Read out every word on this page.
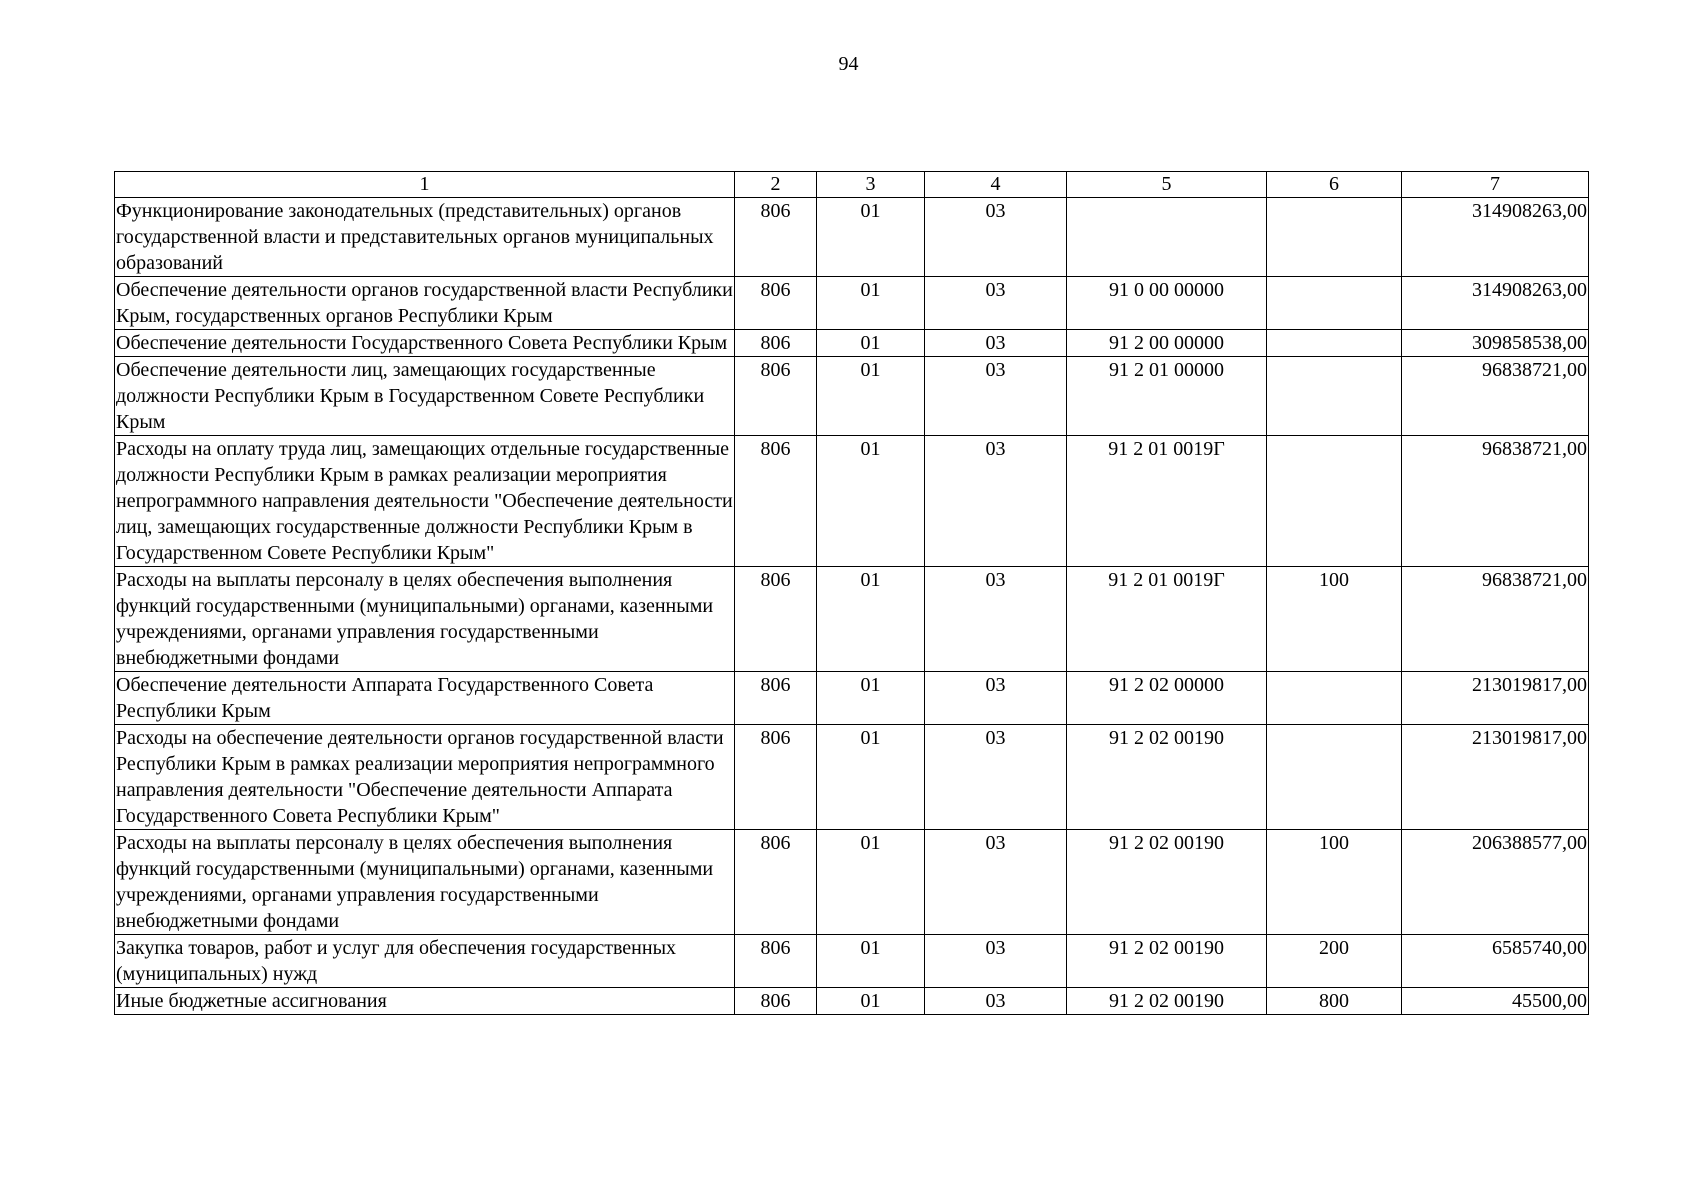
94
1	2	3	4	5	6	7
Функционирование законодательных (представительных) органов государственной власти и представительных органов муниципальных образований	806	01	03			314908263,00
Обеспечение деятельности органов государственной власти Республики Крым, государственных органов Республики Крым	806	01	03	91 0 00 00000		314908263,00
Обеспечение деятельности Государственного Совета Республики Крым	806	01	03	91 2 00 00000		309858538,00
Обеспечение деятельности лиц, замещающих государственные должности Республики Крым в Государственном Совете Республики Крым	806	01	03	91 2 01 00000		96838721,00
Расходы на оплату труда лиц, замещающих отдельные государственные должности Республики Крым в рамках реализации мероприятия непрограммного направления деятельности "Обеспечение деятельности лиц, замещающих государственные должности Республики Крым в Государственном Совете Республики Крым"	806	01	03	91 2 01 0019Г		96838721,00
Расходы на выплаты персоналу в целях обеспечения выполнения функций государственными (муниципальными) органами, казенными учреждениями, органами управления государственными внебюджетными фондами	806	01	03	91 2 01 0019Г	100	96838721,00
Обеспечение деятельности Аппарата Государственного Совета Республики Крым	806	01	03	91 2 02 00000		213019817,00
Расходы на обеспечение деятельности органов государственной власти Республики Крым в рамках реализации мероприятия непрограммного направления деятельности "Обеспечение деятельности Аппарата Государственного Совета Республики Крым"	806	01	03	91 2 02 00190		213019817,00
Расходы на выплаты персоналу в целях обеспечения выполнения функций государственными (муниципальными) органами, казенными учреждениями, органами управления государственными внебюджетными фондами	806	01	03	91 2 02 00190	100	206388577,00
Закупка товаров, работ и услуг для обеспечения государственных (муниципальных) нужд	806	01	03	91 2 02 00190	200	6585740,00
Иные бюджетные ассигнования	806	01	03	91 2 02 00190	800	45500,00
